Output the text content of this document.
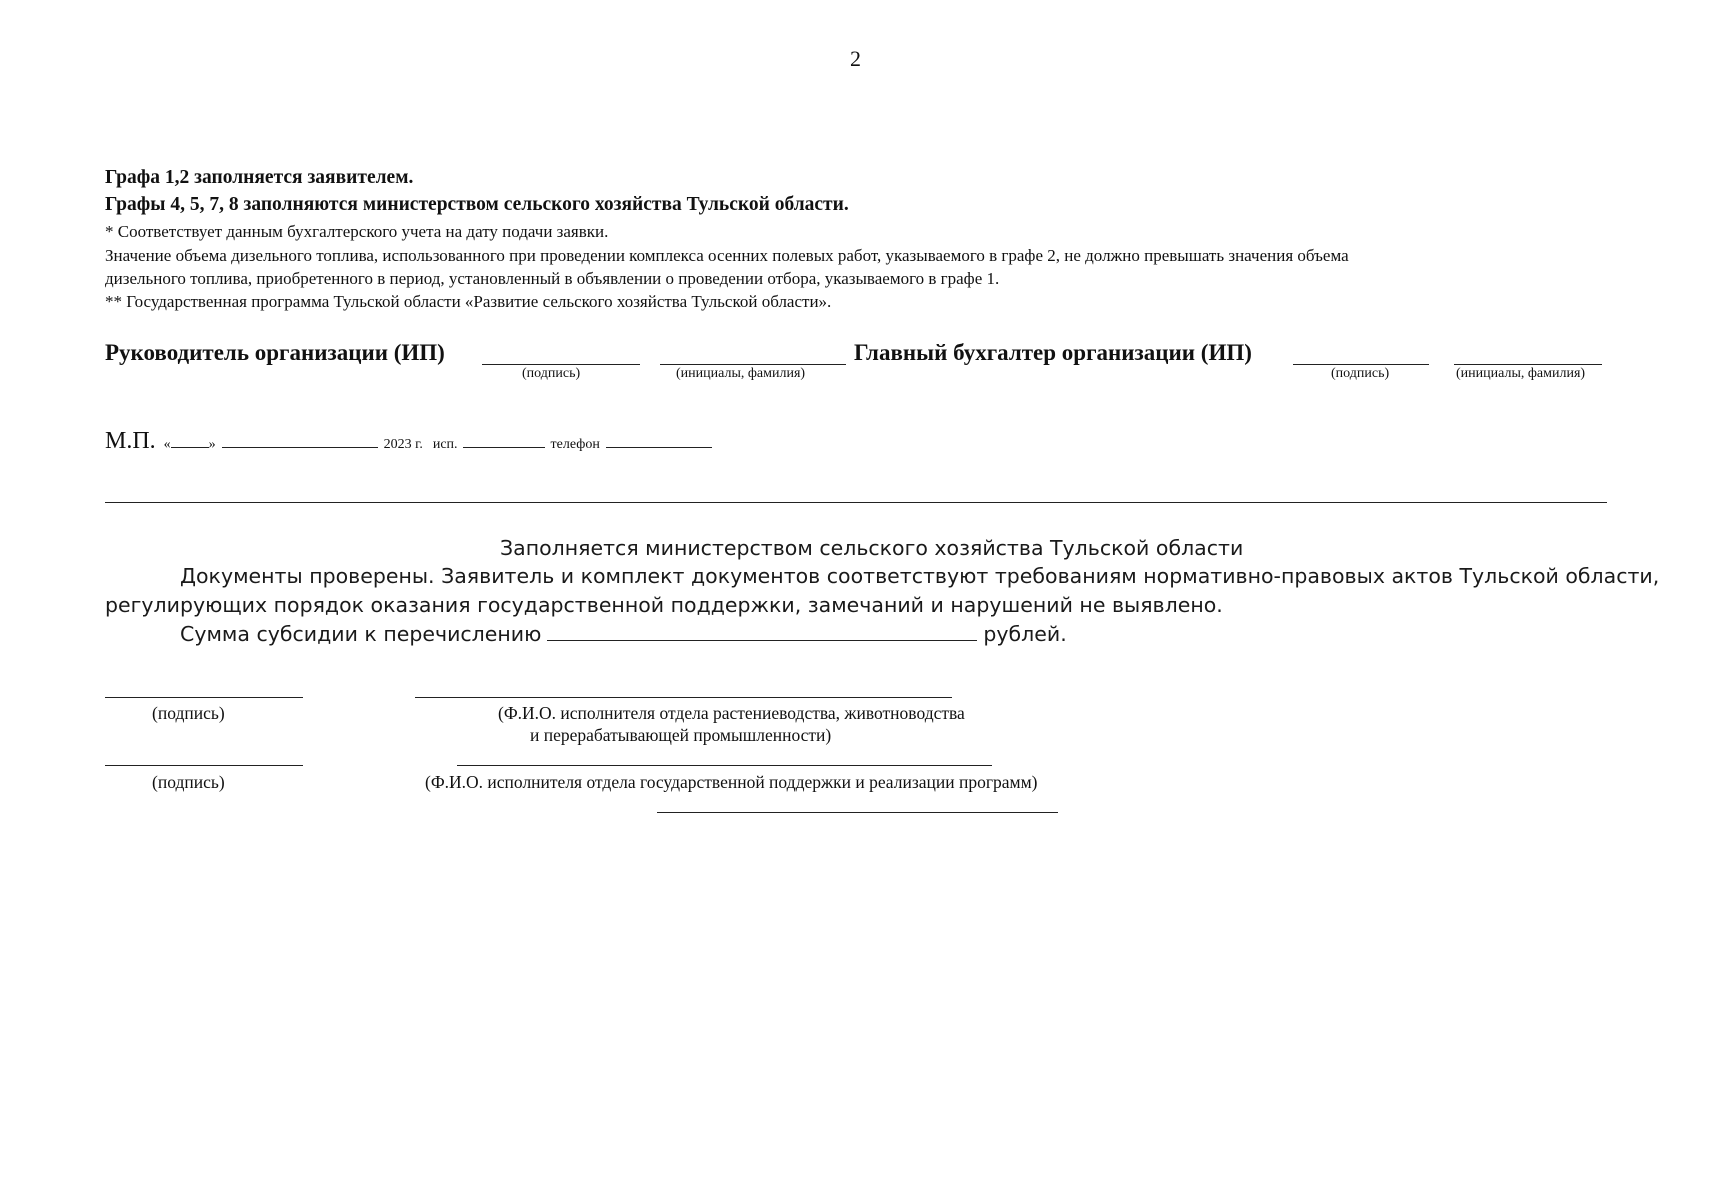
2
Графа 1,2 заполняется заявителем.
Графы 4, 5, 7, 8 заполняются министерством сельского хозяйства Тульской области.
* Соответствует данным бухгалтерского учета на дату подачи заявки.
Значение объема дизельного топлива, использованного при проведении комплекса осенних полевых работ, указываемого в графе 2, не должно превышать значения объема
дизельного топлива, приобретенного в период, установленный в объявлении о проведении отбора, указываемого в графе 1.
** Государственная программа Тульской области «Развитие сельского хозяйства Тульской области».
Руководитель организации (ИП)
(подпись)	(инициалы, фамилия)
Главный бухгалтер организации (ИП)
(подпись)	(инициалы, фамилия)
М.П. «	»	2023 г. исп.	телефон
Заполняется министерством сельского хозяйства Тульской области
Документы проверены. Заявитель и комплект документов соответствуют требованиям нормативно-правовых актов Тульской области,
регулирующих порядок оказания государственной поддержки, замечаний и нарушений не выявлено.
Сумма субсидии к перечислению	рублей.
(подпись)	(Ф.И.О. исполнителя отдела растениеводства, животноводства
и перерабатывающей промышленности)
(подпись)	(Ф.И.О. исполнителя отдела государственной поддержки и реализации программ)
